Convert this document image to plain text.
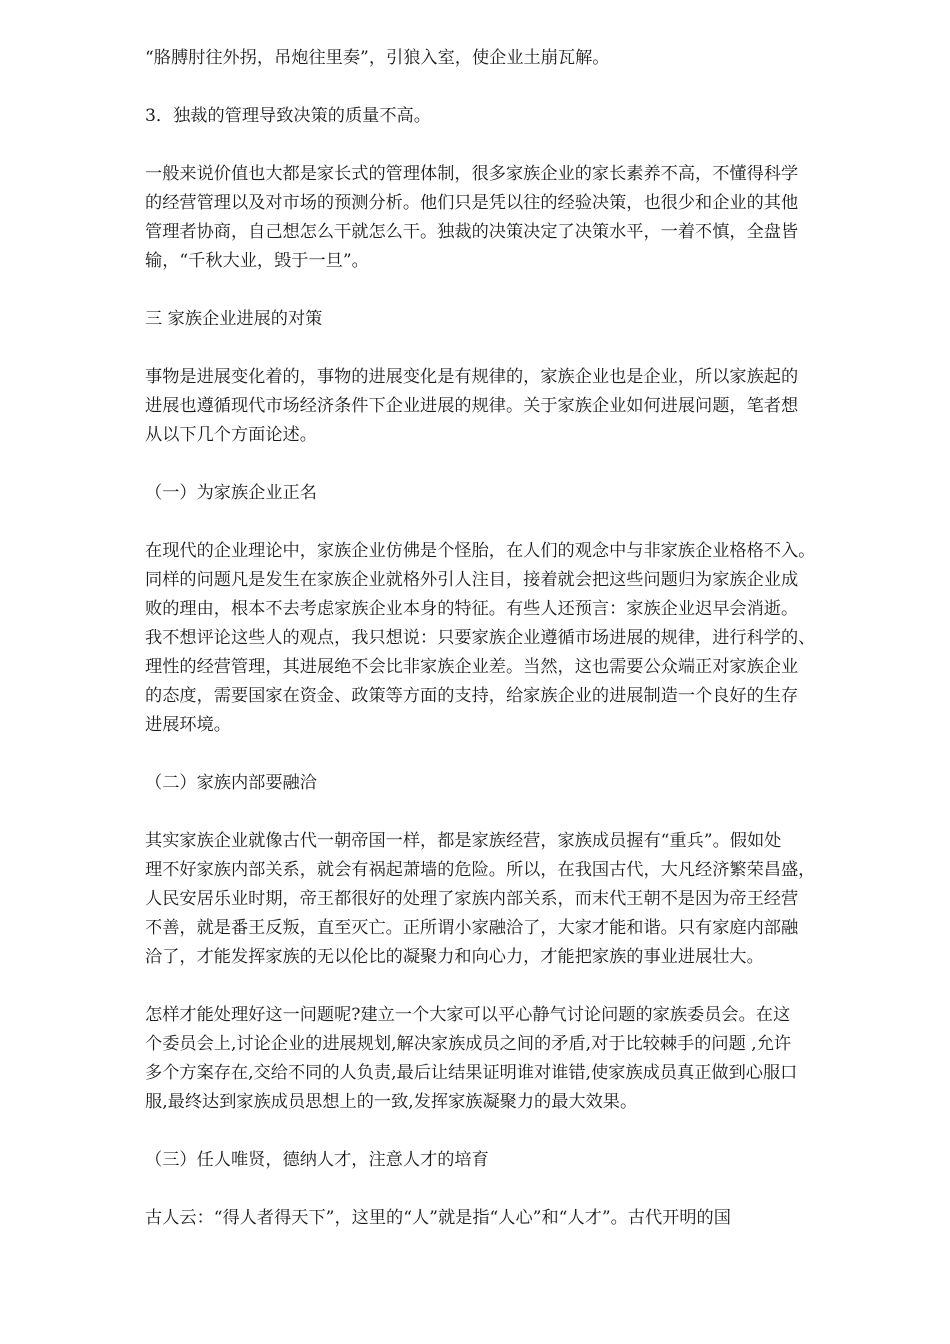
“胳膊肘往外拐，吊炮往里奏”，引狼入室，使企业土崩瓦解。

3．独裁的管理导致决策的质量不高。

一般来说价值也大都是家长式的管理体制，很多家族企业的家长素养不高，不懂得科学
的经营管理以及对市场的预测分析。他们只是凭以往的经验决策，也很少和企业的其他
管理者协商，自己想怎么干就怎么干。独裁的决策决定了决策水平，一着不慎，全盘皆
输，“千秋大业，毁于一旦”。

三 家族企业进展的对策

事物是进展变化着的，事物的进展变化是有规律的，家族企业也是企业，所以家族起的
进展也遵循现代市场经济条件下企业进展的规律。关于家族企业如何进展问题，笔者想
从以下几个方面论述。

（一）为家族企业正名

在现代的企业理论中，家族企业仿佛是个怪胎，在人们的观念中与非家族企业格格不入。
同样的问题凡是发生在家族企业就格外引人注目，接着就会把这些问题归为家族企业成
败的理由，根本不去考虑家族企业本身的特征。有些人还预言：家族企业迟早会消逝。
我不想评论这些人的观点，我只想说：只要家族企业遵循市场进展的规律，进行科学的、
理性的经营管理，其进展绝不会比非家族企业差。当然，这也需要公众端正对家族企业
的态度，需要国家在资金、政策等方面的支持，给家族企业的进展制造一个良好的生存
进展环境。

（二）家族内部要融洽

其实家族企业就像古代一朝帝国一样，都是家族经营，家族成员握有“重兵”。假如处
理不好家族内部关系，就会有祸起萧墙的危险。所以，在我国古代，大凡经济繁荣昌盛，
人民安居乐业时期，帝王都很好的处理了家族内部关系，而末代王朝不是因为帝王经营
不善，就是番王反叛，直至灭亡。正所谓小家融洽了，大家才能和谐。只有家庭内部融
洽了，才能发挥家族的无以伦比的凝聚力和向心力，才能把家族的事业进展壮大。

怎样才能处理好这一问题呢?建立一个大家可以平心静气讨论问题的家族委员会。在这
个委员会上,讨论企业的进展规划,解决家族成员之间的矛盾,对于比较棘手的问题 ,允许
多个方案存在,交给不同的人负责,最后让结果证明谁对谁错,使家族成员真正做到心服口
服,最终达到家族成员思想上的一致,发挥家族凝聚力的最大效果。

（三）任人唯贤，德纳人才，注意人才的培育

古人云：“得人者得天下”，这里的“人”就是指“人心”和“人才”。古代开明的国
